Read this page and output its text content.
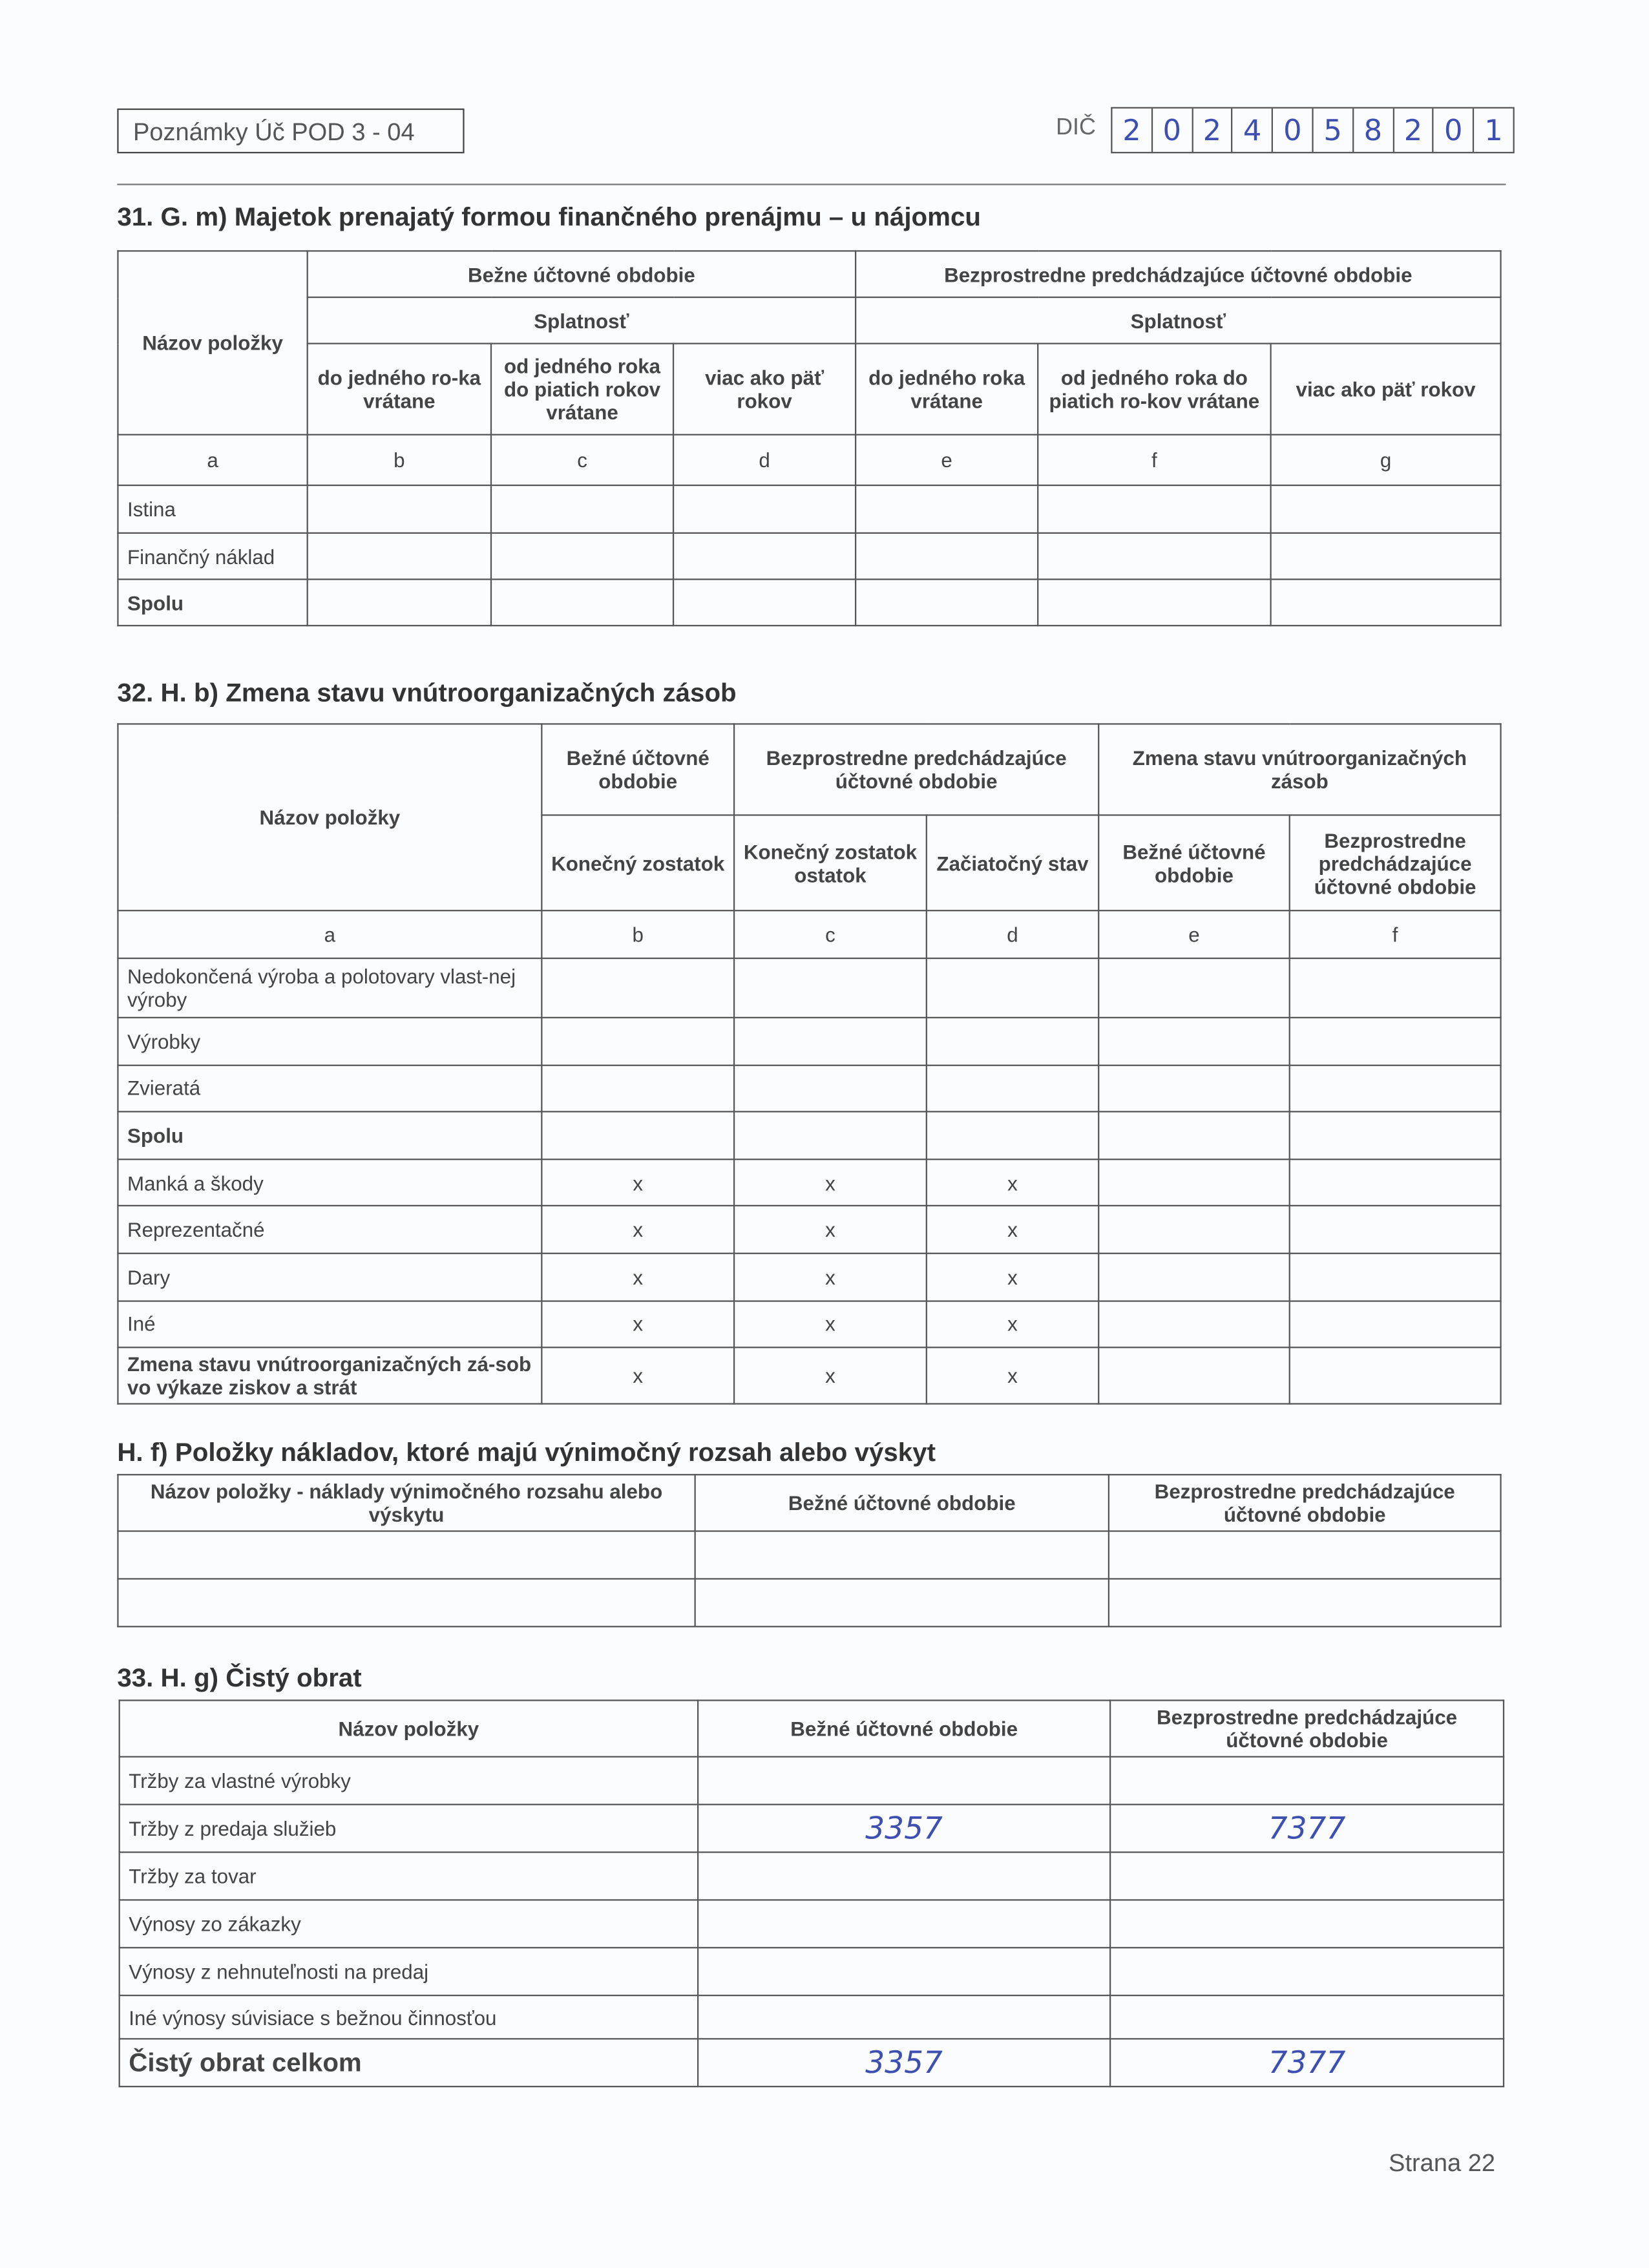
Poznámky Úč POD 3 - 04	DIČ	2	0	2	4	0	5	8	2	0	1
31. G. m) Majetok prenajatý formou finančného prenájmu – u nájomcu
Názov položky	Bežne účtovné obdobie			Bezprostredne predchádzajúce účtovné obdobie		
	Splatnosť			Splatnosť		
	do jedného ro-ka vrátane	od jedného roka do piatich rokov vrátane	viac ako päť rokov	do jedného roka vrátane	od jedného roka do piatich ro-kov vrátane	viac ako päť rokov
a	b	c	d	e	f	g
Istina						
Finančný náklad						
Spolu						
32. H. b) Zmena stavu vnútroorganizačných zásob
Názov položky	Bežné účtovné obdobie	Bezprostredne predchádzajúce účtovné obdobie		Zmena stavu vnútroorganizačných zásob	
	Konečný zostatok	Konečný zostatok ostatok	Začiatočný stav	Bežné účtovné obdobie	Bezprostredne predchádzajúce účtovné obdobie
a	b	c	d	e	f
Nedokončená výroba a polotovary vlast-nej výroby					
Výrobky					
Zvieratá					
Spolu					
Manká a škody	x	x	x		
Reprezentačné	x	x	x		
Dary	x	x	x		
Iné	x	x	x		
Zmena stavu vnútroorganizačných zá-sob vo výkaze ziskov a strát	x	x	x		
H. f) Položky nákladov, ktoré majú výnimočný rozsah alebo výskyt
Názov položky - náklady výnimočného rozsahu alebo výskytu	Bežné účtovné obdobie	Bezprostredne predchádzajúce účtovné obdobie

33. H. g) Čistý obrat
Názov položky	Bežné účtovné obdobie	Bezprostredne predchádzajúce účtovné obdobie
Tržby za vlastné výrobky		
Tržby z predaja služieb	3357	7377
Tržby za tovar		
Výnosy zo zákazky		
Výnosy z nehnuteľnosti na predaj		
Iné výnosy súvisiace s bežnou činnosťou		
Čistý obrat celkom	3357	7377
Strana 22
